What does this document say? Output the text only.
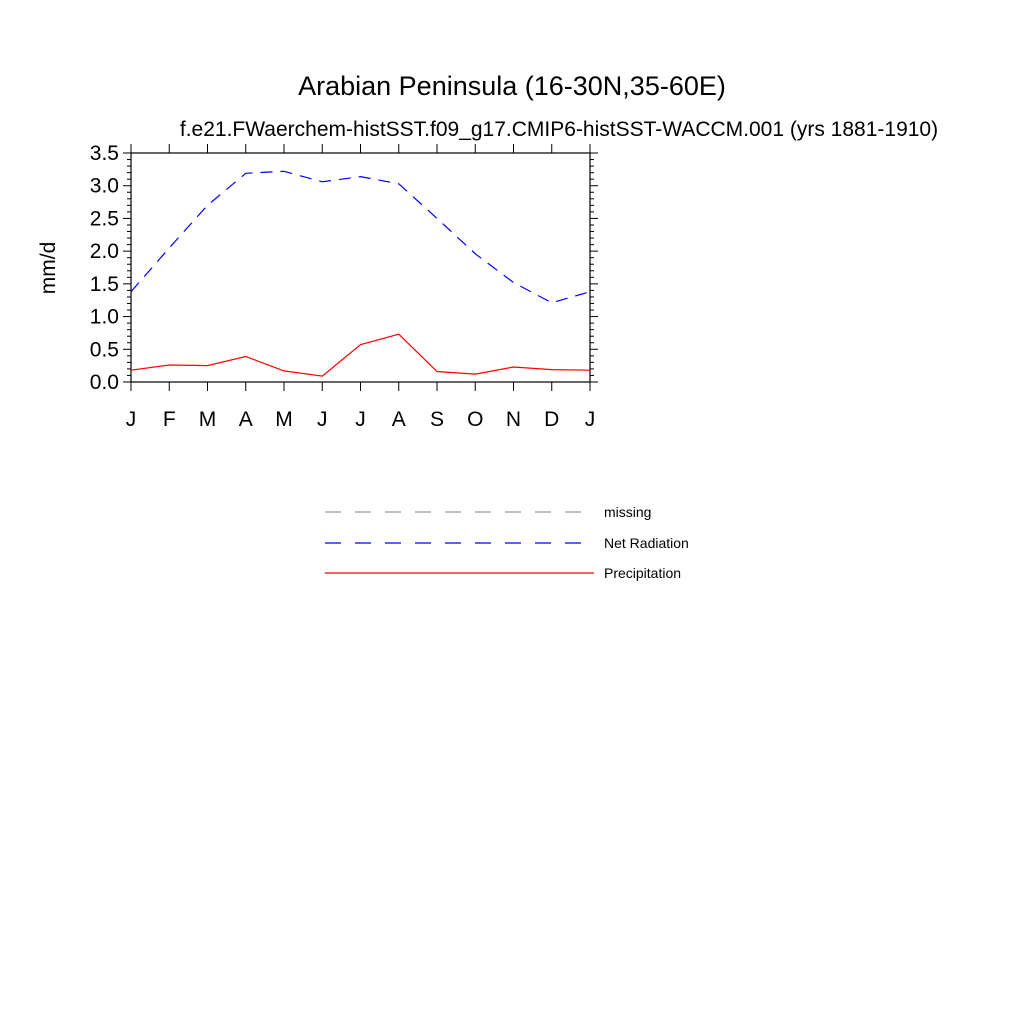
Arabian Peninsula (16-30N,35-60E)
f.e21.FWaerchem-histSST.f09_g17.CMIP6-histSST-WACCM.001 (yrs 1881-1910)
mm/d
0.0
0.5
1.0
1.5
2.0
2.5
3.0
3.5
J F M A M J J A S O N D J
missing
Net Radiation
Precipitation
